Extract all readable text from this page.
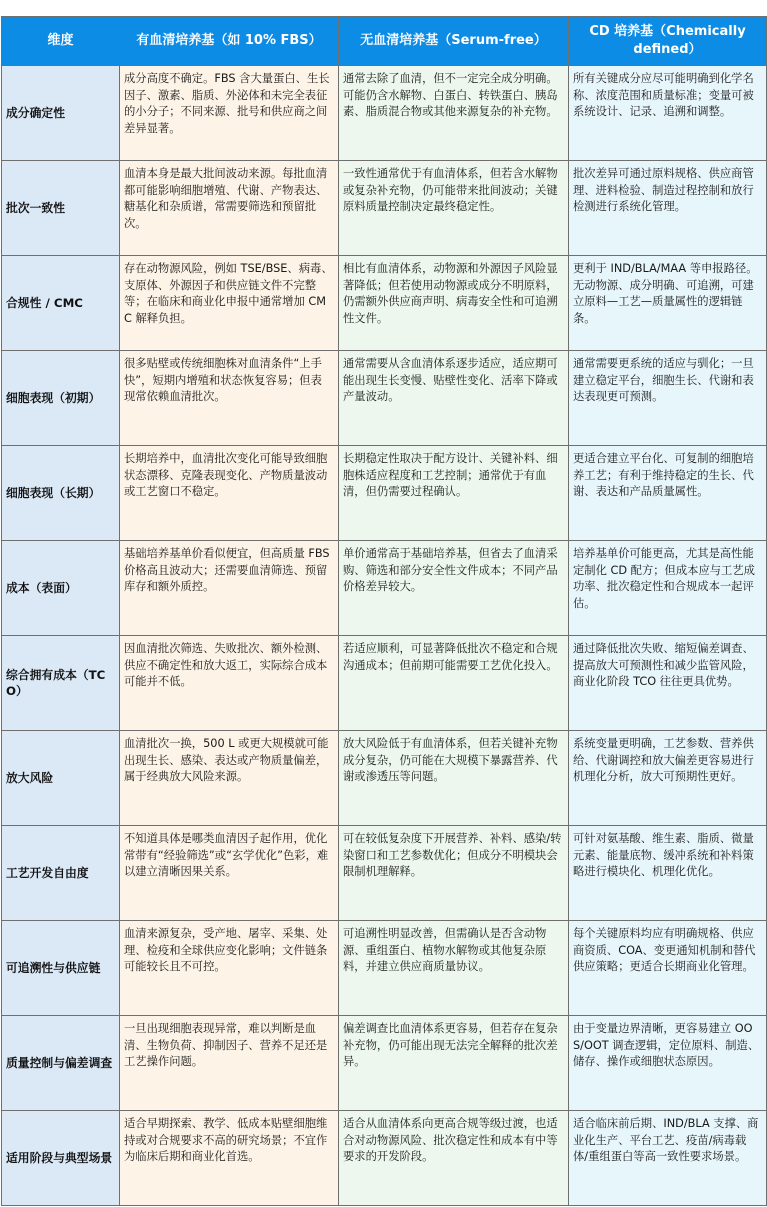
维度	有血清培养基（如 10% FBS）	无血清培养基（Serum-free）	CD 培养基（Chemically defined）
成分确定性	成分高度不确定。FBS 含大量蛋白、生长因子、激素、脂质、外泌体和未完全表征的小分子；不同来源、批号和供应商之间差异显著。	通常去除了血清，但不一定完全成分明确。可能仍含水解物、白蛋白、转铁蛋白、胰岛素、脂质混合物或其他来源复杂的补充物。	所有关键成分应尽可能明确到化学名称、浓度范围和质量标准；变量可被系统设计、记录、追溯和调整。
批次一致性	血清本身是最大批间波动来源。每批血清都可能影响细胞增殖、代谢、产物表达、糖基化和杂质谱，常需要筛选和预留批次。	一致性通常优于有血清体系，但若含水解物或复杂补充物，仍可能带来批间波动；关键原料质量控制决定最终稳定性。	批次差异可通过原料规格、供应商管理、进料检验、制造过程控制和放行检测进行系统化管理。
合规性 / CMC	存在动物源风险，例如 TSE/BSE、病毒、支原体、外源因子和供应链文件不完整等；在临床和商业化申报中通常增加 CMC 解释负担。	相比有血清体系，动物源和外源因子风险显著降低；但若使用动物源或成分不明原料，仍需额外供应商声明、病毒安全性和可追溯性文件。	更利于 IND/BLA/MAA 等申报路径。无动物源、成分明确、可追溯，可建立原料—工艺—质量属性的逻辑链条。
细胞表现（初期）	很多贴壁或传统细胞株对血清条件“上手快”，短期内增殖和状态恢复容易；但表现常依赖血清批次。	通常需要从含血清体系逐步适应，适应期可能出现生长变慢、贴壁性变化、活率下降或产量波动。	通常需要更系统的适应与驯化；一旦建立稳定平台，细胞生长、代谢和表达表现更可预测。
细胞表现（长期）	长期培养中，血清批次变化可能导致细胞状态漂移、克隆表现变化、产物质量波动或工艺窗口不稳定。	长期稳定性取决于配方设计、关键补料、细胞株适应程度和工艺控制；通常优于有血清，但仍需要过程确认。	更适合建立平台化、可复制的细胞培养工艺；有利于维持稳定的生长、代谢、表达和产品质量属性。
成本（表面）	基础培养基单价看似便宜，但高质量 FBS 价格高且波动大；还需要血清筛选、预留库存和额外质控。	单价通常高于基础培养基，但省去了血清采购、筛选和部分安全性文件成本；不同产品价格差异较大。	培养基单价可能更高，尤其是高性能定制化 CD 配方；但成本应与工艺成功率、批次稳定性和合规成本一起评估。
综合拥有成本（TCO）	因血清批次筛选、失败批次、额外检测、供应不确定性和放大返工，实际综合成本可能并不低。	若适应顺利，可显著降低批次不稳定和合规沟通成本；但前期可能需要工艺优化投入。	通过降低批次失败、缩短偏差调查、提高放大可预测性和减少监管风险，商业化阶段 TCO 往往更具优势。
放大风险	血清批次一换，500 L 或更大规模就可能出现生长、感染、表达或产物质量偏差，属于经典放大风险来源。	放大风险低于有血清体系，但若关键补充物成分复杂，仍可能在大规模下暴露营养、代谢或渗透压等问题。	系统变量更明确，工艺参数、营养供给、代谢调控和放大偏差更容易进行机理化分析，放大可预期性更好。
工艺开发自由度	不知道具体是哪类血清因子起作用，优化常带有“经验筛选”或“玄学优化”色彩，难以建立清晰因果关系。	可在较低复杂度下开展营养、补料、感染/转染窗口和工艺参数优化；但成分不明模块会限制机理解释。	可针对氨基酸、维生素、脂质、微量元素、能量底物、缓冲系统和补料策略进行模块化、机理化优化。
可追溯性与供应链	血清来源复杂，受产地、屠宰、采集、处理、检疫和全球供应变化影响；文件链条可能较长且不可控。	可追溯性明显改善，但需确认是否含动物源、重组蛋白、植物水解物或其他复杂原料，并建立供应商质量协议。	每个关键原料均应有明确规格、供应商资质、COA、变更通知机制和替代供应策略；更适合长期商业化管理。
质量控制与偏差调查	一旦出现细胞表现异常，难以判断是血清、生物负荷、抑制因子、营养不足还是工艺操作问题。	偏差调查比血清体系更容易，但若存在复杂补充物，仍可能出现无法完全解释的批次差异。	由于变量边界清晰，更容易建立 OOS/OOT 调查逻辑，定位原料、制造、储存、操作或细胞状态原因。
适用阶段与典型场景	适合早期探索、教学、低成本贴壁细胞维持或对合规要求不高的研究场景；不宜作为临床后期和商业化首选。	适合从血清体系向更高合规等级过渡，也适合对动物源风险、批次稳定性和成本有中等要求的开发阶段。	适合临床前后期、IND/BLA 支撑、商业化生产、平台工艺、疫苗/病毒载体/重组蛋白等高一致性要求场景。
